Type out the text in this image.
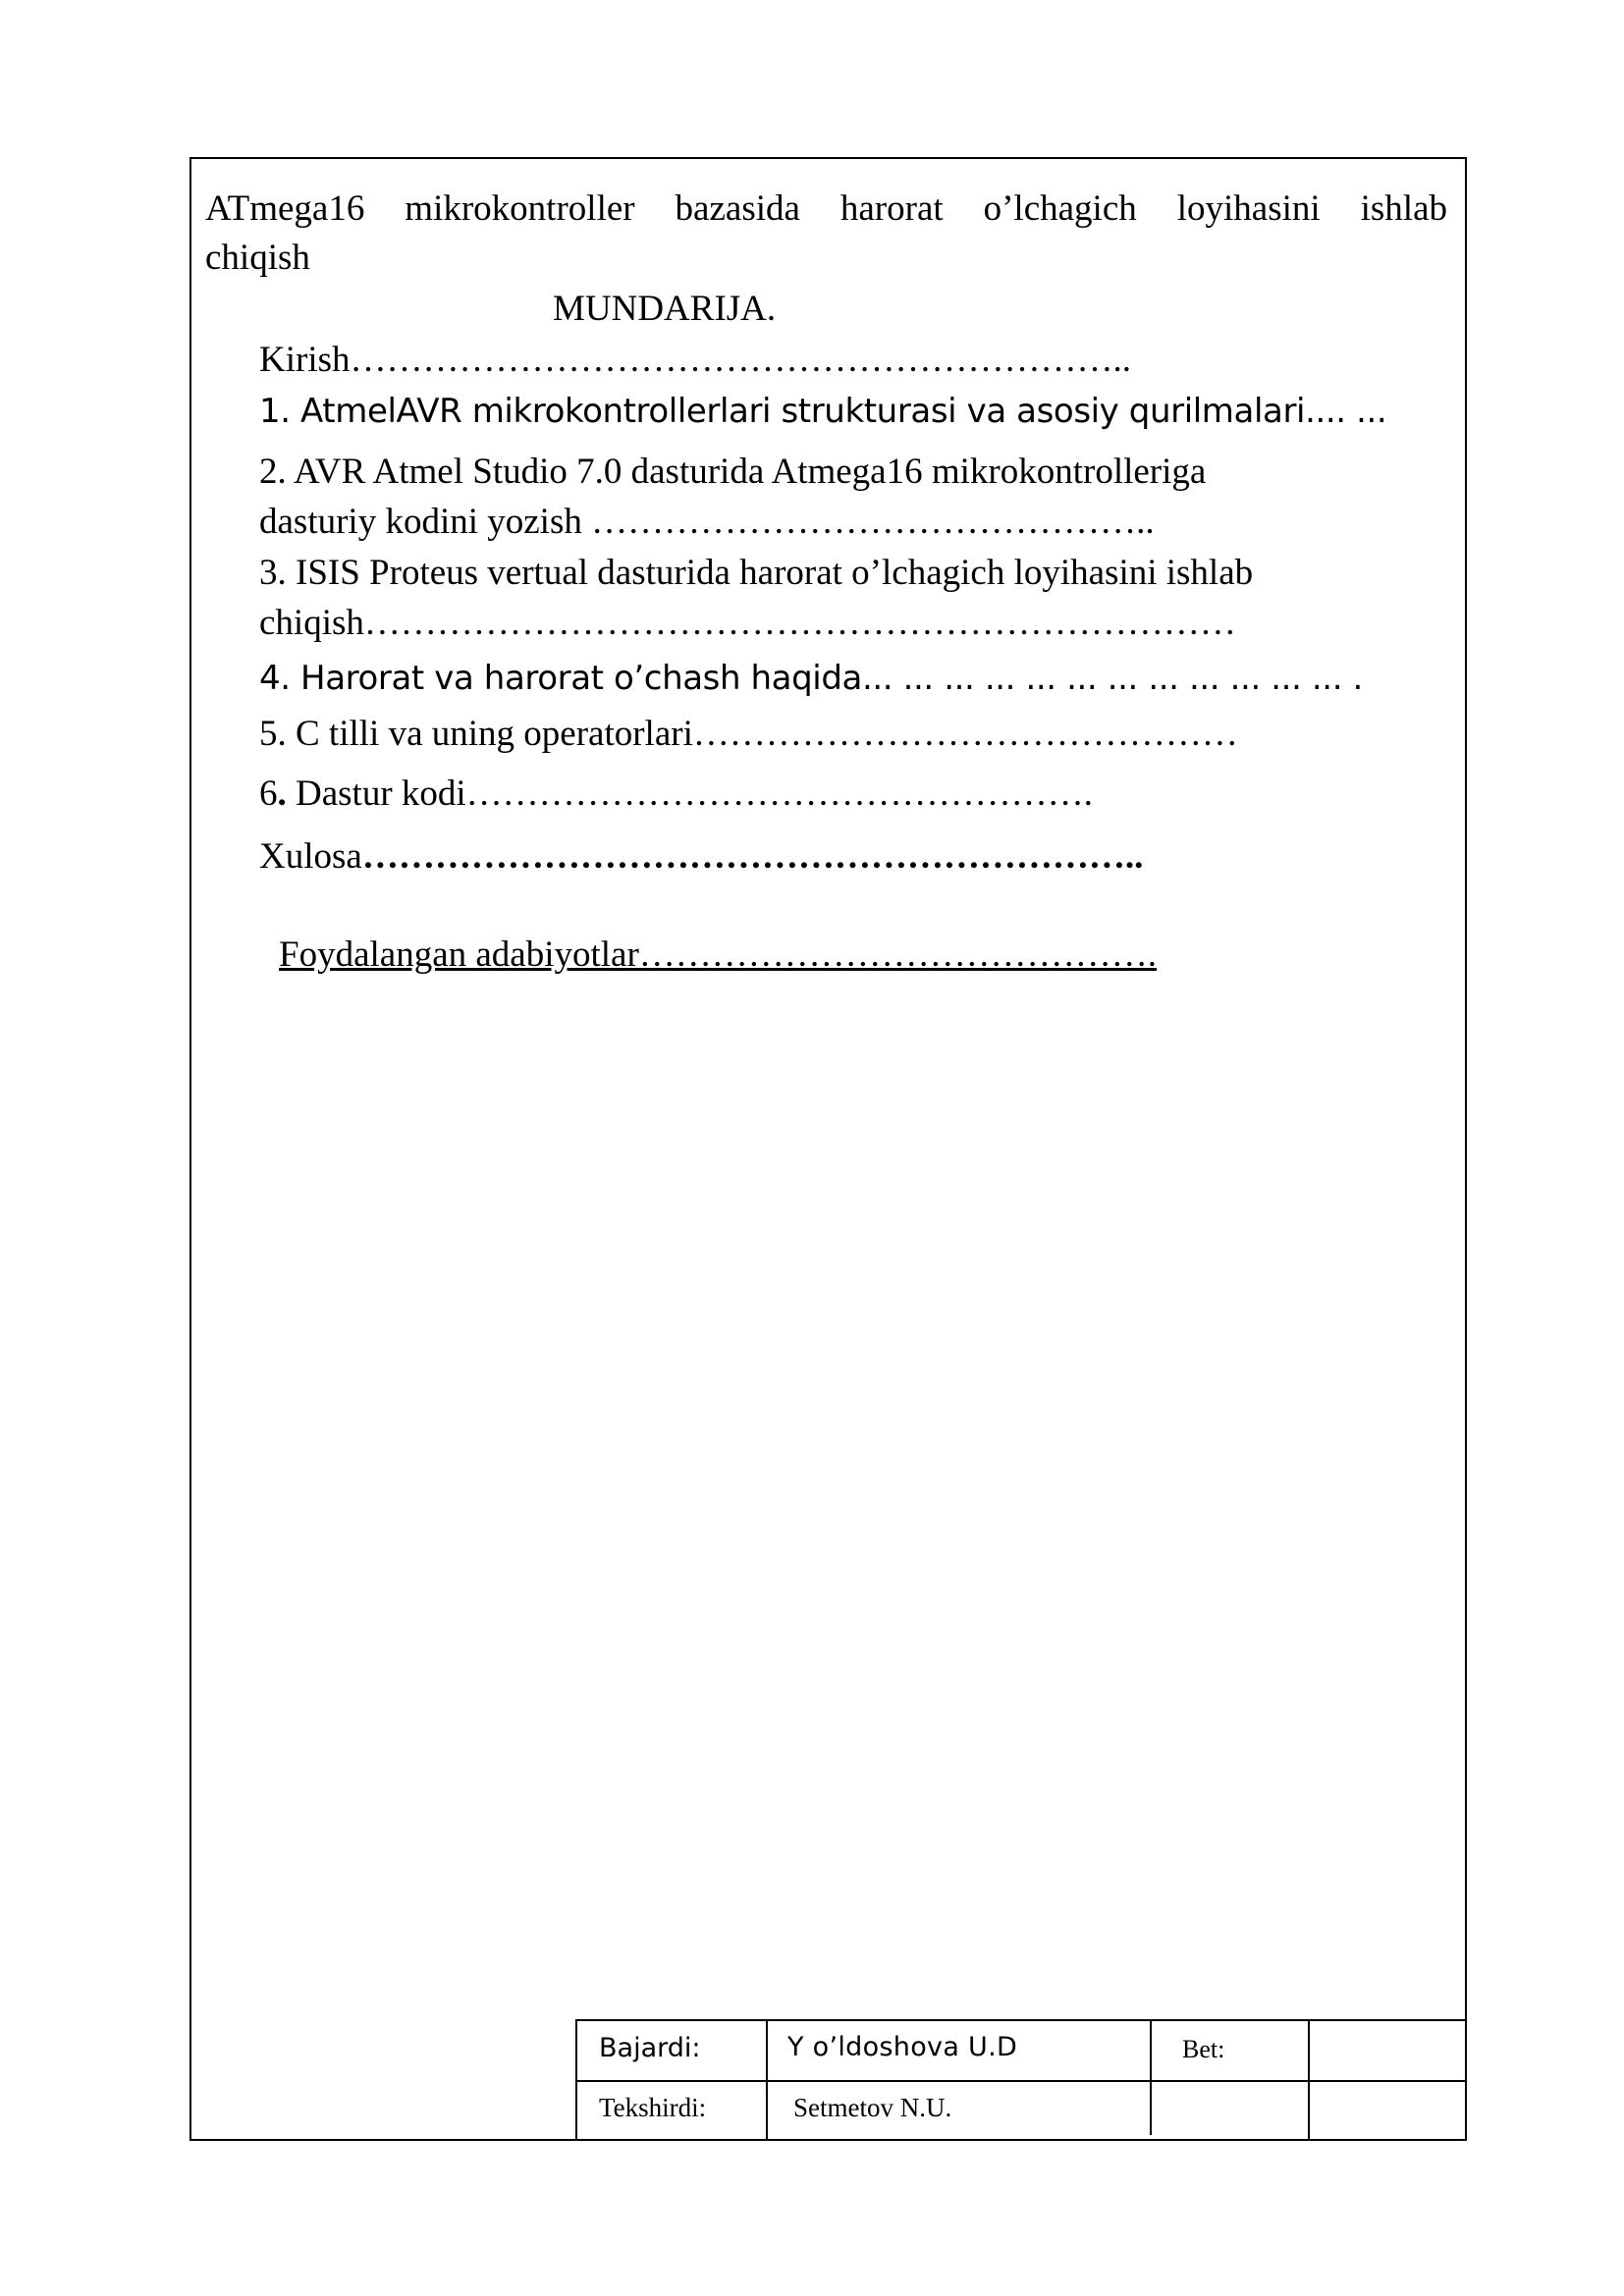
ATmega16 mikrokontroller bazasida harorat o’lchagich loyihasini ishlab
chiqish
MUNDARIJA.
Kirish………………………………………………………..
1. AtmelAVR mikrokontrollerlari strukturasi va asosiy qurilmalari.... ...
2. AVR Atmel Studio 7.0 dasturida Atmega16 mikrokontrolleriga
dasturiy kodini yozish ………………………………………..
3. ISIS Proteus vertual dasturida harorat o’lchagich loyihasini ishlab
chiqish………………………………………………………………
4. Harorat va harorat o’chash haqida... ... ... ... ... ... ... ... ... ... ... ... .
5. C tilli va uning operatorlari………………………………………
6. Dastur kodi…………………………………………….
Xulosa………………………………………………………..
Foydalangan adabiyotlar…………………………………….
Bajardi:	Y o’ldoshova U.D	Bet:
Tekshirdi:	Setmetov N.U.
